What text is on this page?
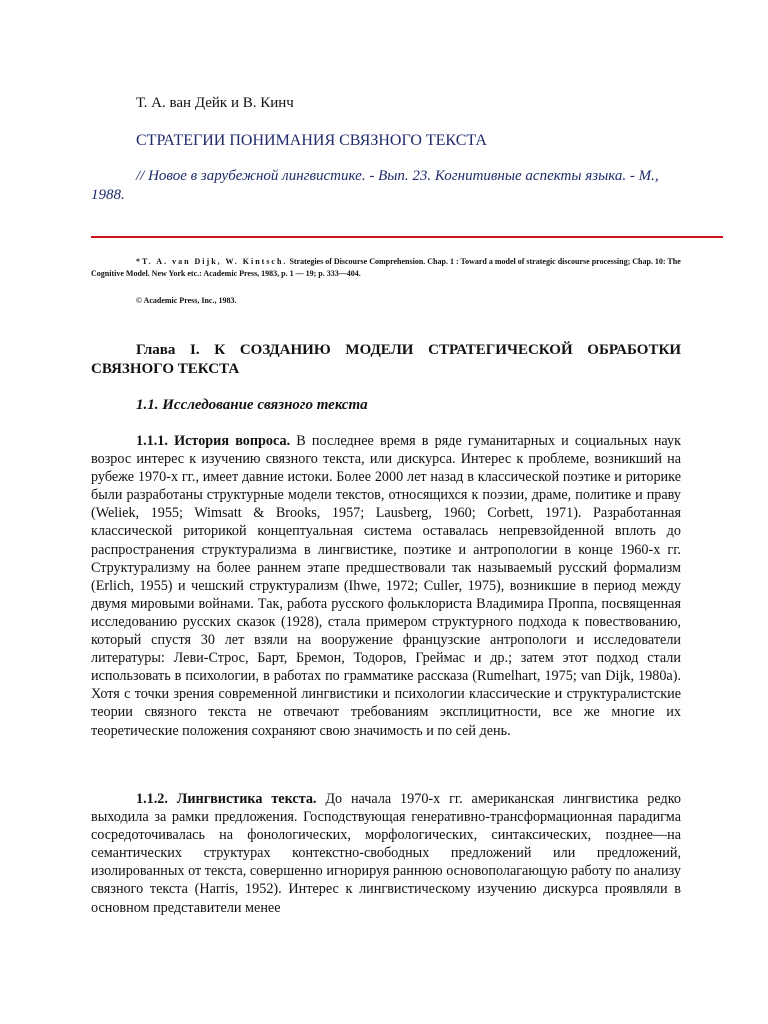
Т. А. ван Дейк и В. Кинч
СТРАТЕГИИ ПОНИМАНИЯ СВЯЗНОГО ТЕКСТА

// Новое в зарубежной лингвистике. - Вып. 23. Когнитивные аспекты языка. - М., 1988.

* T. A. van Dijk, W. Kintsch. Strategies of Discourse Comprehension. Chap. 1 : Toward a model of strategic discourse processing; Chap. 10: The Cognitive Model. New York etc.: Academic Press, 1983, p. 1 — 19; p. 333—404.

© Academic Press, Inc., 1983.

Глава I. К СОЗДАНИЮ МОДЕЛИ СТРАТЕГИЧЕСКОЙ ОБРАБОТКИ СВЯЗНОГО ТЕКСТА

1.1. Исследование связного текста

1.1.1. История вопроса. В последнее время в ряде гуманитарных и социальных наук возрос интерес к изучению связного текста, или дискурса. Интерес к проблеме, возникший на рубеже 1970-х гг., имеет давние истоки. Более 2000 лет назад в классической поэтике и риторике были разработаны структурные модели текстов, относящихся к поэзии, драме, политике и праву (Weliek, 1955; Wimsatt & Brooks, 1957; Lausberg, 1960; Corbett, 1971). Разработанная классической риторикой концептуальная система оставалась непревзойденной вплоть до распространения структурализма в лингвистике, поэтике и антропологии в конце 1960-х гг. Структурализму на более раннем этапе предшествовали так называемый русский формализм (Erlich, 1955) и чешский структурализм (Ihwe, 1972; Culler, 1975), возникшие в период между двумя мировыми войнами. Так, работа русского фольклориста Владимира Проппа, посвященная исследованию русских сказок (1928), стала примером структурного подхода к повествованию, который спустя 30 лет взяли на вооружение французские антропологи и исследователи литературы: Леви-Строс, Барт, Бремон, Тодоров, Греймас и др.; затем этот подход стали использовать в психологии, в работах по грамматике рассказа (Rumelhart, 1975; van Dijk, 1980a). Хотя с точки зрения современной лингвистики и психологии классические и структуралистские теории связного текста не отвечают требованиям эксплицитности, все же многие их теоретические положения сохраняют свою значимость и по сей день.

1.1.2. Лингвистика текста. До начала 1970-х гг. американская лингвистика редко выходила за рамки предложения. Господствующая генеративно-трансформационная парадигма сосредоточивалась на фонологических, морфологических, синтаксических, позднее—на семантических структурах контекстно-свободных предложений или предложений, изолированных от текста, совершенно игнорируя раннюю основополагающую работу по анализу связного текста (Harris, 1952). Интерес к лингвистическому изучению дискурса проявляли в основном представители менее
